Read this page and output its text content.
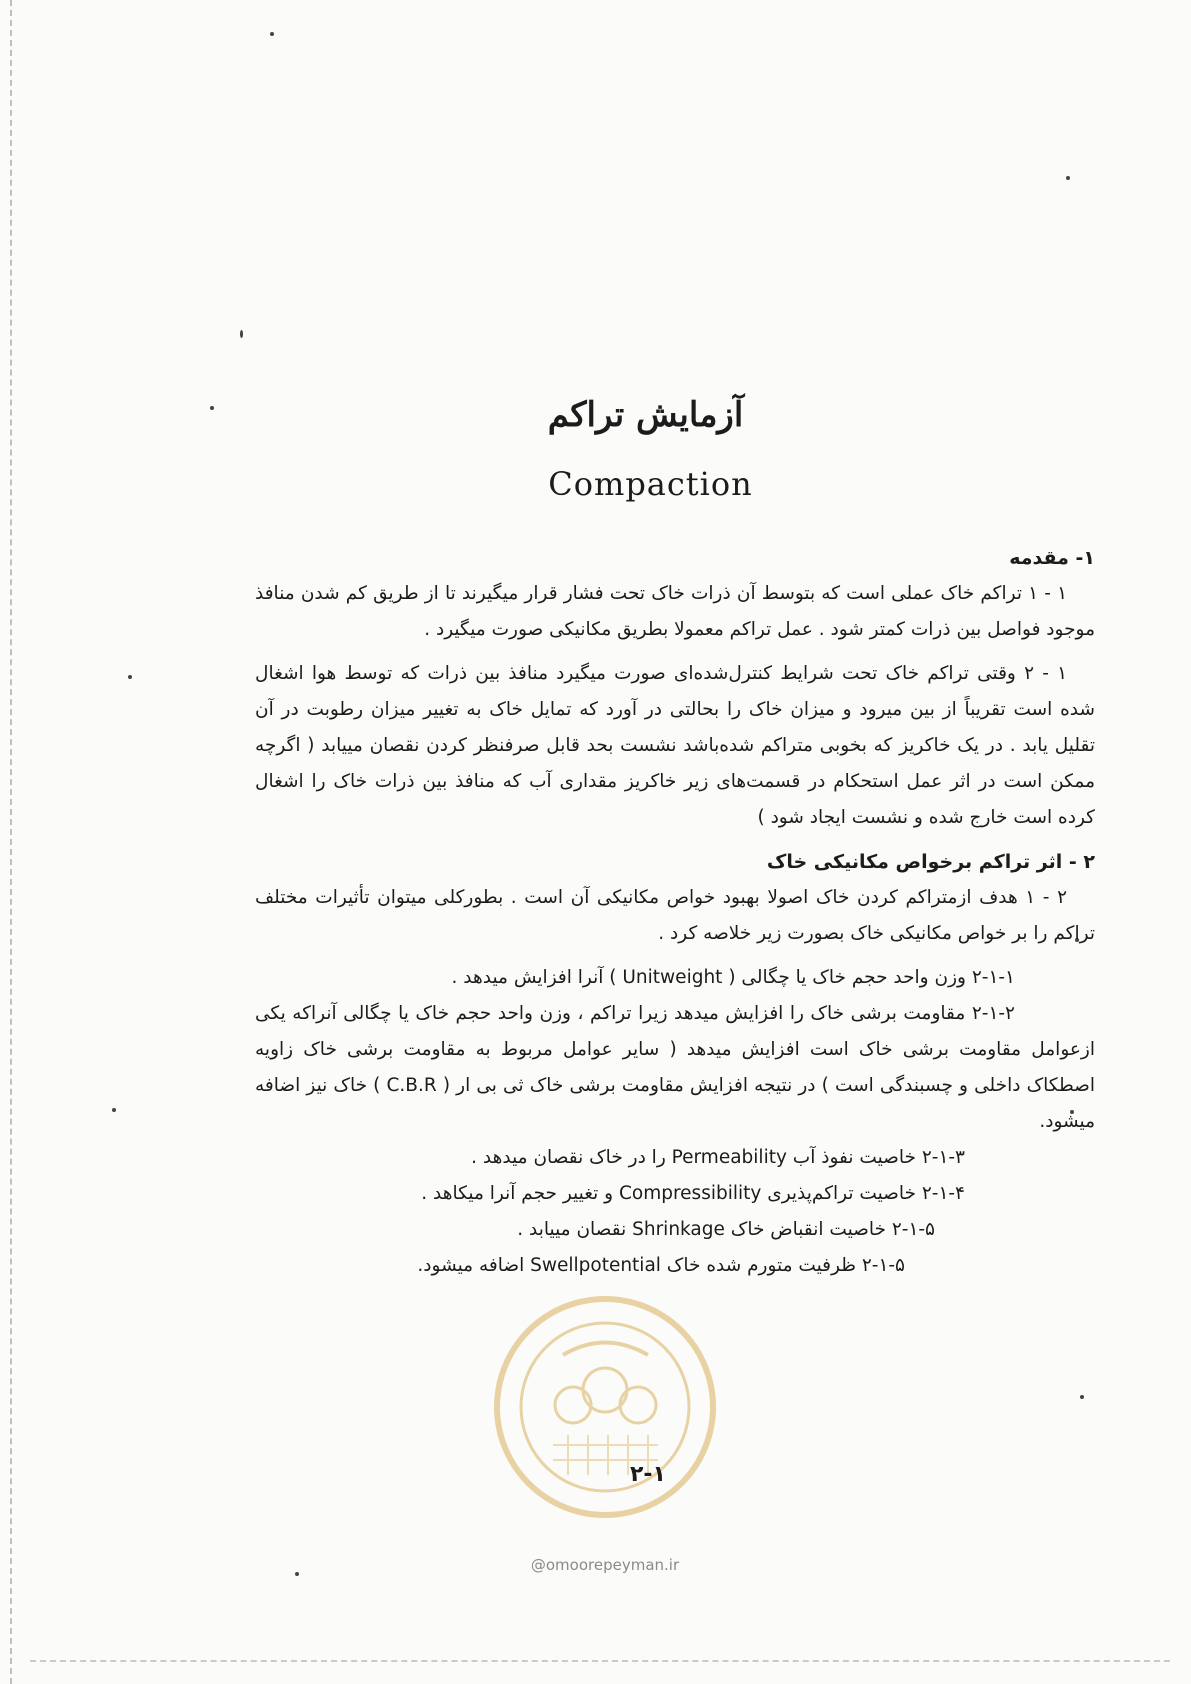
آزمایش تراکم
Compaction

۱- مقدمه

۱ - ۱ تراکم خاک عملی است که بتوسط آن ذرات خاک تحت فشار قرار میگیرند تا از طریق کم شدن منافذ موجود فواصل بین ذرات کمتر شود . عمل تراکم معمولا بطریق مکانیکی صورت میگیرد .

۱ - ۲ وقتی تراکم خاک تحت شرایط کنترل‌شده‌ای صورت میگیرد منافذ بین ذرات که توسط هوا اشغال شده است تقریباً از بین میرود و میزان خاک را بحالتی در آورد که تمایل خاک به تغییر میزان رطوبت در آن تقلیل یابد . در یک خاکریز که بخوبی متراکم شده‌باشد نشست بحد قابل صرفنظر کردن نقصان مییابد ( اگرچه ممکن است در اثر عمل استحکام در قسمت‌های زیر خاکریز مقداری آب که منافذ بین ذرات خاک را اشغال کرده است خارج شده و نشست ایجاد شود )

۲ - اثر تراکم برخواص مکانیکی خاک

۲ - ۱ هدف ازمتراکم کردن خاک اصولا بهبود خواص مکانیکی آن است . بطورکلی میتوان تأثیرات مختلف تراکم را بر خواص مکانیکی خاک بصورت زیر خلاصه کرد .

۲-۱-۱ وزن واحد حجم خاک یا چگالی ( Unitweight ) آنرا افزایش میدهد .

۲-۱-۲ مقاومت برشی خاک را افزایش میدهد زیرا تراکم ، وزن واحد حجم خاک یا چگالی آنراکه یکی ازعوامل مقاومت برشی خاک است افزایش میدهد ( سایر عوامل مربوط به مقاومت برشی خاک زاویه اصطکاک داخلی و چسبندگی است ) در نتیجه افزایش مقاومت برشی خاک ثی بی ار ( C.B.R ) خاک نیز اضافه میشود.

۲-۱-۳ خاصیت نفوذ آب Permeability را در خاک نقصان میدهد .

۲-۱-۴ خاصیت تراکم‌پذیری Compressibility و تغییر حجم آنرا میکاهد .

۲-۱-۵ خاصیت انقباض خاک Shrinkage نقصان مییابد .

۲-۱-۵ ظرفیت متورم شده خاک Swellpotential اضافه میشود.

۲-۱
@omoorepeyman.ir
